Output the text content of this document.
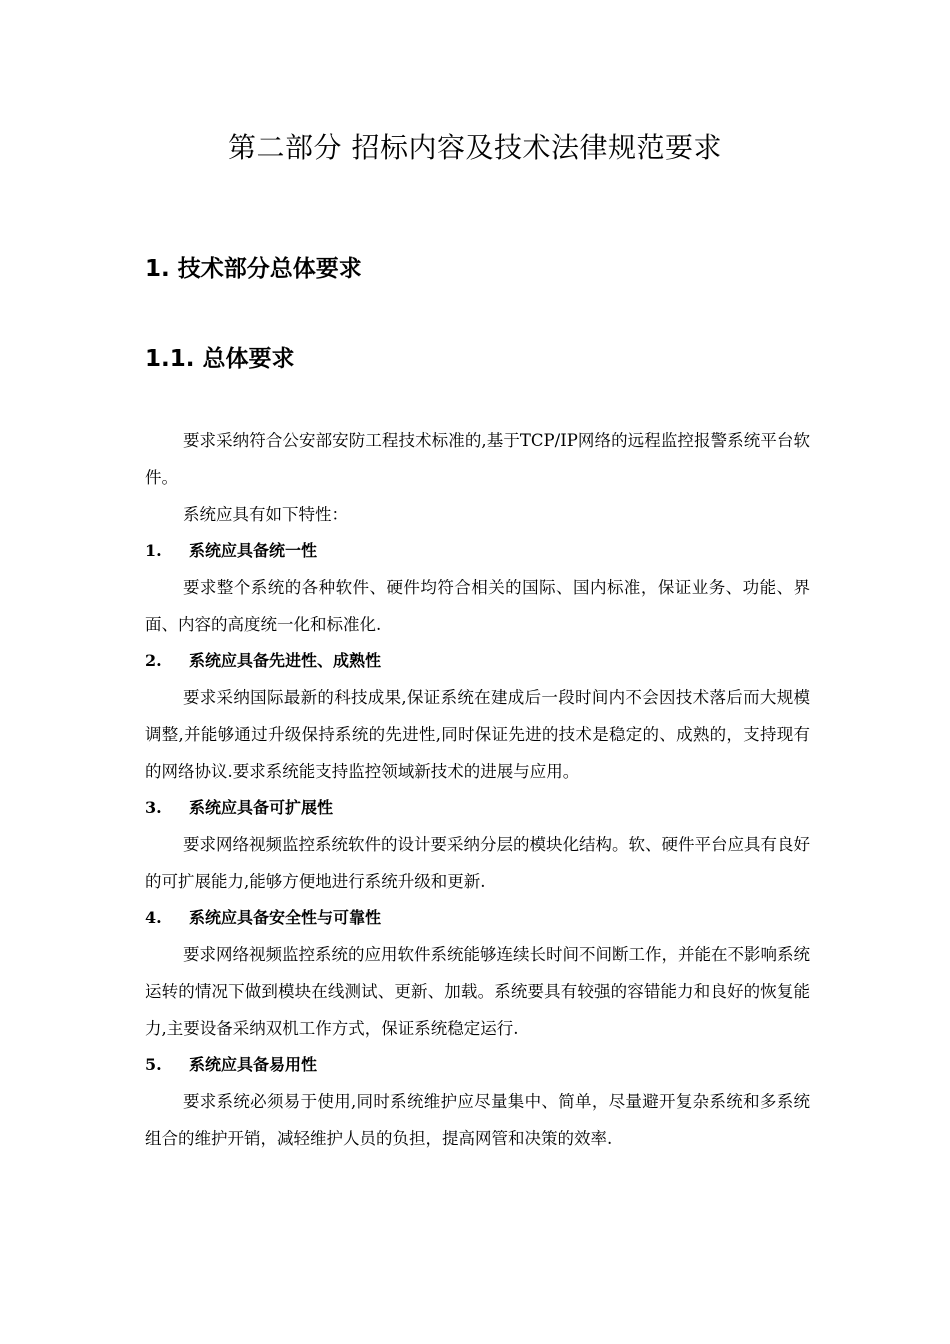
第二部分 招标内容及技术法律规范要求
1. 技术部分总体要求
1.1. 总体要求

要求采纳符合公安部安防工程技术标准的,基于TCP/IP网络的远程监控报警系统平台软件。

系统应具有如下特性：

1.	系统应具备统一性

要求整个系统的各种软件、硬件均符合相关的国际、国内标准，保证业务、功能、界面、内容的高度统一化和标准化.

2.	系统应具备先进性、成熟性

要求采纳国际最新的科技成果,保证系统在建成后一段时间内不会因技术落后而大规模调整,并能够通过升级保持系统的先进性,同时保证先进的技术是稳定的、成熟的，支持现有的网络协议.要求系统能支持监控领域新技术的进展与应用。

3.	系统应具备可扩展性

要求网络视频监控系统软件的设计要采纳分层的模块化结构。软、硬件平台应具有良好的可扩展能力,能够方便地进行系统升级和更新.

4.	系统应具备安全性与可靠性

要求网络视频监控系统的应用软件系统能够连续长时间不间断工作，并能在不影响系统运转的情况下做到模块在线测试、更新、加载。系统要具有较强的容错能力和良好的恢复能力,主要设备采纳双机工作方式，保证系统稳定运行.

5.	系统应具备易用性

要求系统必须易于使用,同时系统维护应尽量集中、简单，尽量避开复杂系统和多系统组合的维护开销，减轻维护人员的负担，提高网管和决策的效率.
